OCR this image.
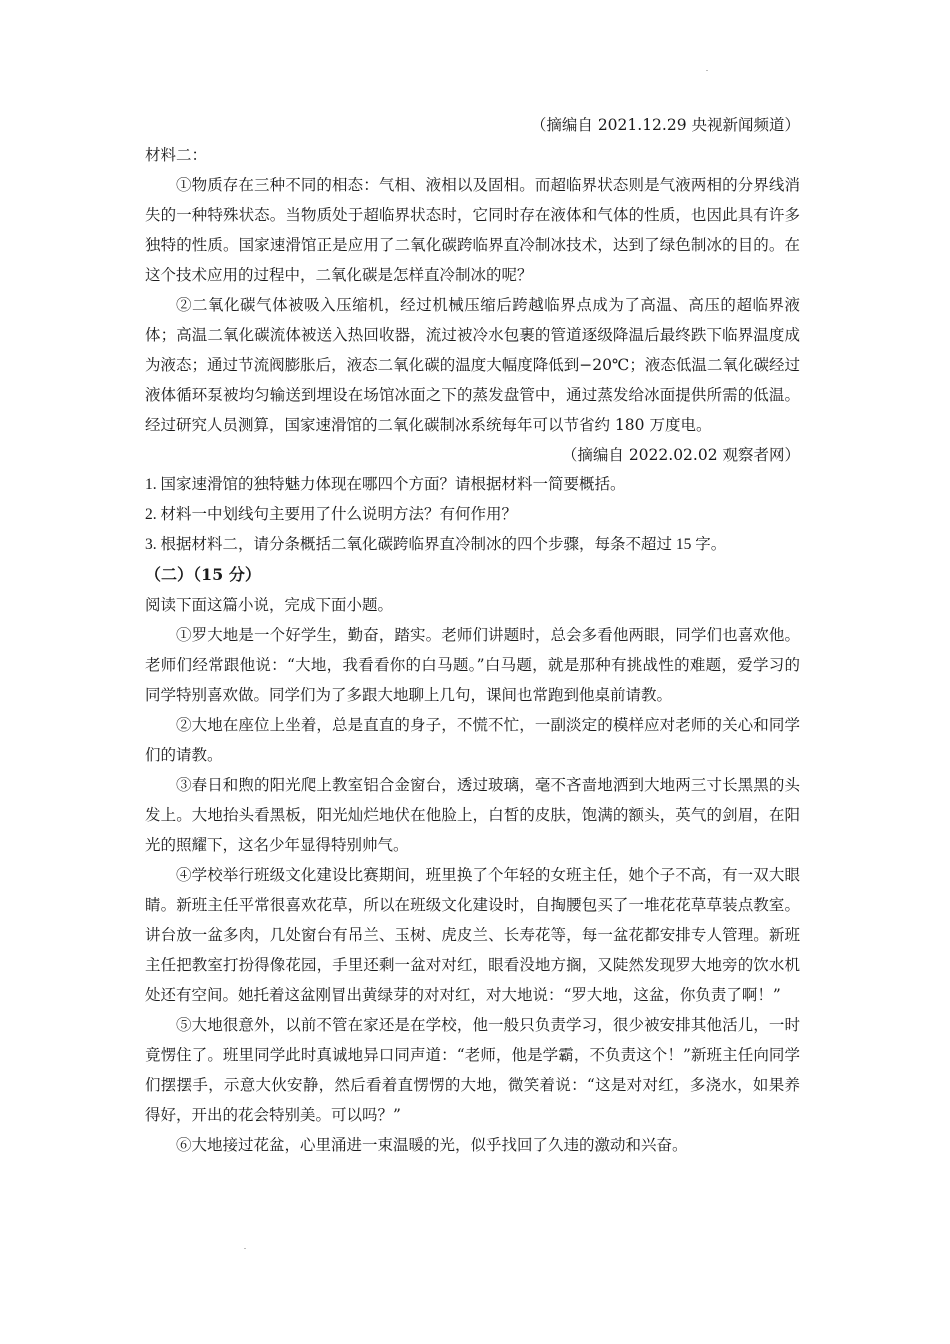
（摘编自 2021.12.29 央视新闻频道）
材料二：

①物质存在三种不同的相态：气相、液相以及固相。而超临界状态则是气液两相的分界线消失的一种特殊状态。当物质处于超临界状态时，它同时存在液体和气体的性质，也因此具有许多独特的性质。国家速滑馆正是应用了二氧化碳跨临界直冷制冰技术，达到了绿色制冰的目的。在这个技术应用的过程中，二氧化碳是怎样直冷制冰的呢？

②二氧化碳气体被吸入压缩机，经过机械压缩后跨越临界点成为了高温、高压的超临界液体；高温二氧化碳流体被送入热回收器，流过被冷水包裹的管道逐级降温后最终跌下临界温度成为液态；通过节流阀膨胀后，液态二氧化碳的温度大幅度降低到−20℃；液态低温二氧化碳经过液体循环泵被均匀输送到埋设在场馆冰面之下的蒸发盘管中，通过蒸发给冰面提供所需的低温。经过研究人员测算，国家速滑馆的二氧化碳制冰系统每年可以节省约 180 万度电。

（摘编自 2022.02.02 观察者网）
1. 国家速滑馆的独特魅力体现在哪四个方面？请根据材料一简要概括。
2. 材料一中划线句主要用了什么说明方法？有何作用？
3. 根据材料二，请分条概括二氧化碳跨临界直冷制冰的四个步骤，每条不超过 15 字。
（二）（15 分）
阅读下面这篇小说，完成下面小题。

①罗大地是一个好学生，勤奋，踏实。老师们讲题时，总会多看他两眼，同学们也喜欢他。老师们经常跟他说：“大地，我看看你的白马题。”白马题，就是那种有挑战性的难题，爱学习的同学特别喜欢做。同学们为了多跟大地聊上几句，课间也常跑到他桌前请教。

②大地在座位上坐着，总是直直的身子，不慌不忙，一副淡定的模样应对老师的关心和同学们的请教。

③春日和煦的阳光爬上教室铝合金窗台，透过玻璃，毫不吝啬地洒到大地两三寸长黑黑的头发上。大地抬头看黑板，阳光灿烂地伏在他脸上，白皙的皮肤，饱满的额头，英气的剑眉，在阳光的照耀下，这名少年显得特别帅气。

④学校举行班级文化建设比赛期间，班里换了个年轻的女班主任，她个子不高，有一双大眼睛。新班主任平常很喜欢花草，所以在班级文化建设时，自掏腰包买了一堆花花草草装点教室。讲台放一盆多肉，几处窗台有吊兰、玉树、虎皮兰、长寿花等，每一盆花都安排专人管理。新班主任把教室打扮得像花园，手里还剩一盆对对红，眼看没地方搁，又陡然发现罗大地旁的饮水机处还有空间。她托着这盆刚冒出黄绿芽的对对红，对大地说：“罗大地，这盆，你负责了啊！”

⑤大地很意外，以前不管在家还是在学校，他一般只负责学习，很少被安排其他活儿，一时竟愣住了。班里同学此时真诚地异口同声道：“老师，他是学霸，不负责这个！”新班主任向同学们摆摆手，示意大伙安静，然后看着直愣愣的大地，微笑着说：“这是对对红，多浇水，如果养得好，开出的花会特别美。可以吗？”

⑥大地接过花盆，心里涌进一束温暖的光，似乎找回了久违的激动和兴奋。
